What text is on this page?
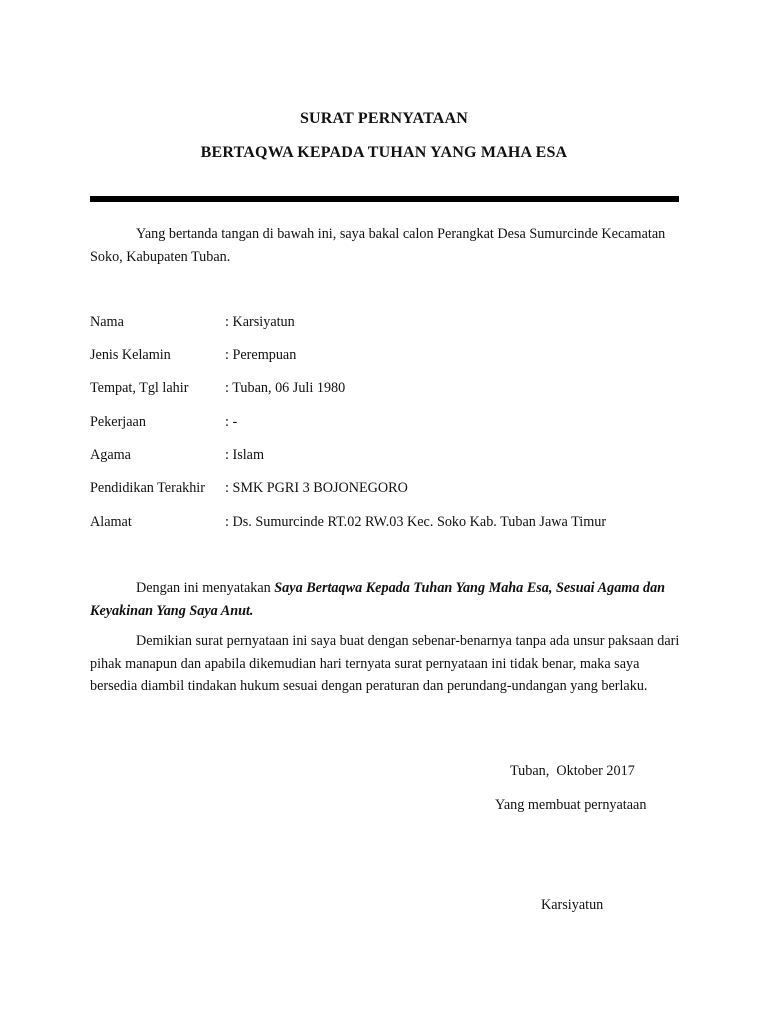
SURAT PERNYATAAN
BERTAQWA KEPADA TUHAN YANG MAHA ESA
Yang bertanda tangan di bawah ini, saya bakal calon Perangkat Desa Sumurcinde Kecamatan Soko, Kabupaten Tuban.
Nama	: Karsiyatun
Jenis Kelamin	: Perempuan
Tempat, Tgl lahir	: Tuban, 06 Juli 1980
Pekerjaan	: -
Agama	: Islam
Pendidikan Terakhir : SMK PGRI 3 BOJONEGORO
Alamat	: Ds. Sumurcinde RT.02 RW.03 Kec. Soko Kab. Tuban Jawa Timur
Dengan ini menyatakan Saya Bertaqwa Kepada Tuhan Yang Maha Esa, Sesuai Agama dan Keyakinan Yang Saya Anut.
Demikian surat pernyataan ini saya buat dengan sebenar-benarnya tanpa ada unsur paksaan dari pihak manapun dan apabila dikemudian hari ternyata surat pernyataan ini tidak benar, maka saya bersedia diambil tindakan hukum sesuai dengan peraturan dan perundang-undangan yang berlaku.
Tuban,  Oktober 2017
Yang membuat pernyataan
Karsiyatun
